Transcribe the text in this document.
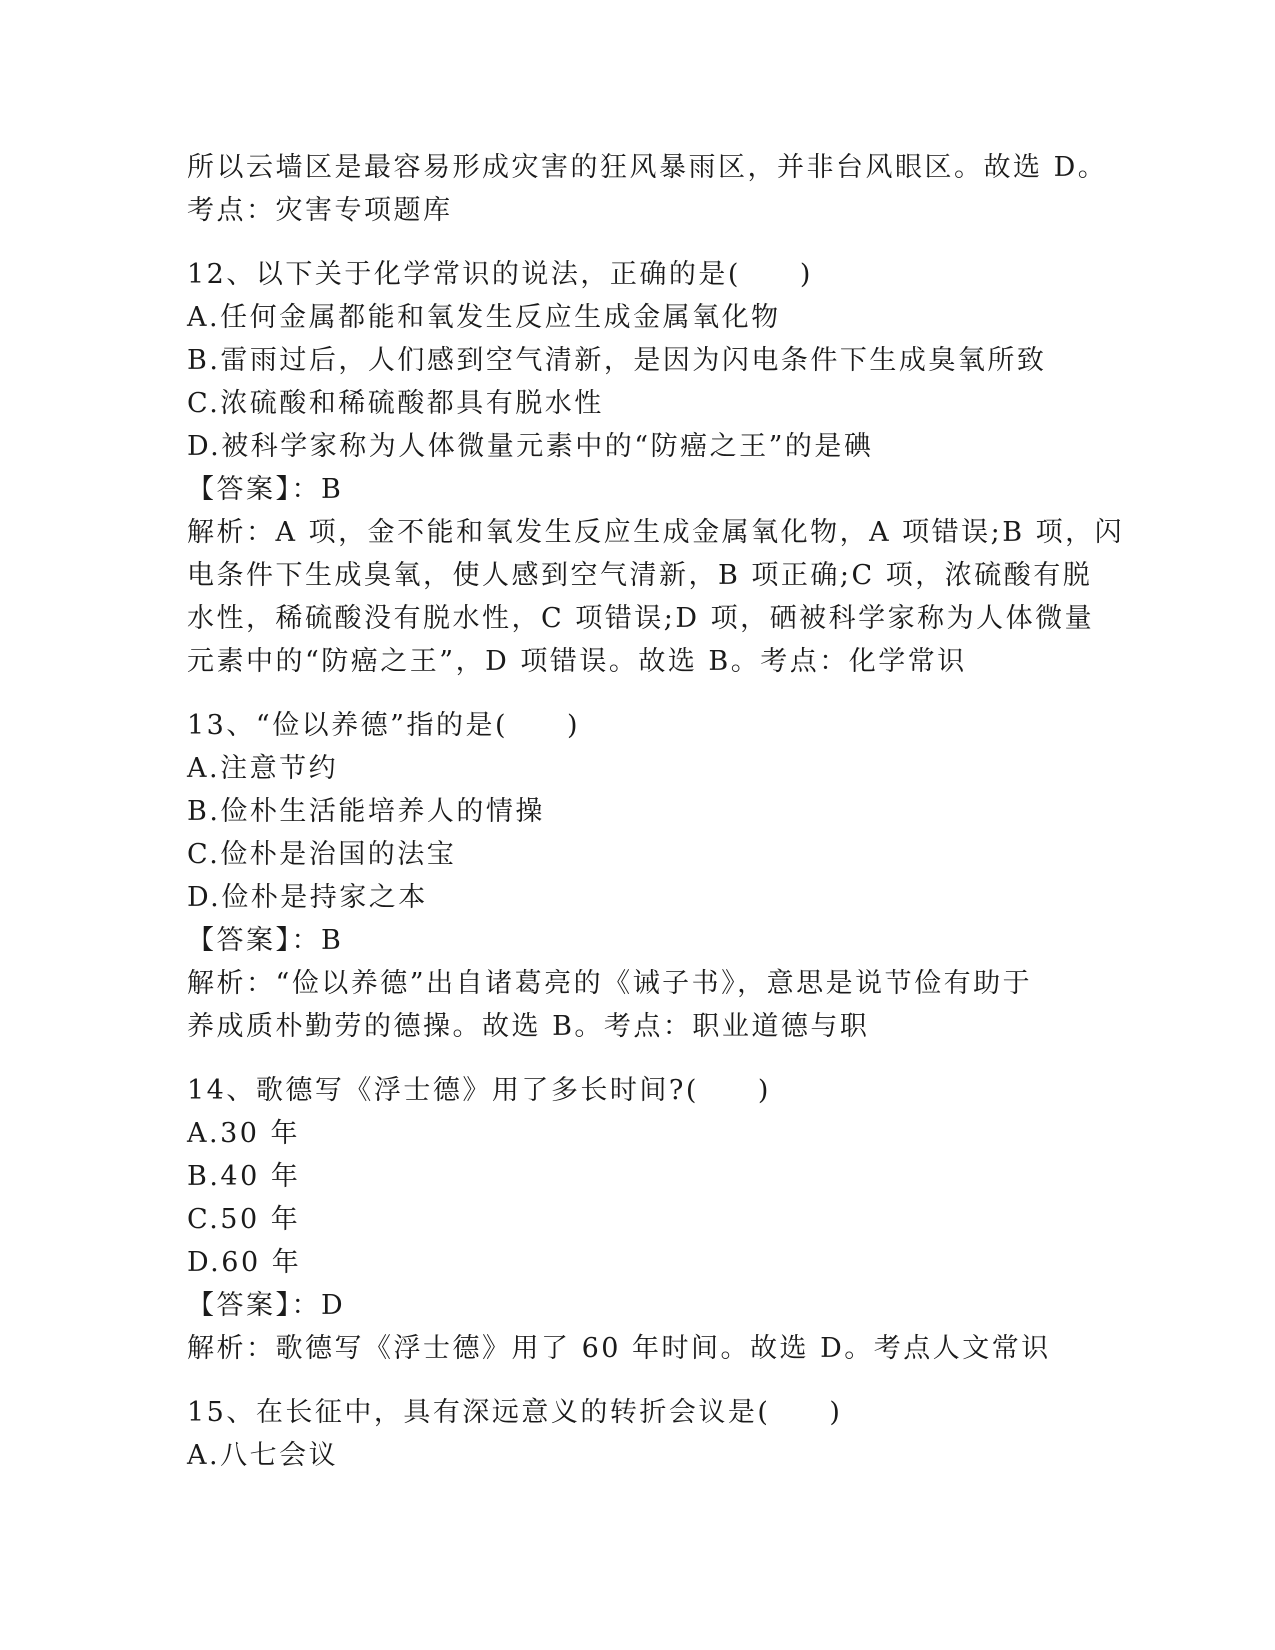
所以云墙区是最容易形成灾害的狂风暴雨区，并非台风眼区。故选 D。
考点：灾害专项题库
12、以下关于化学常识的说法，正确的是(　　)
A.任何金属都能和氧发生反应生成金属氧化物
B.雷雨过后，人们感到空气清新，是因为闪电条件下生成臭氧所致
C.浓硫酸和稀硫酸都具有脱水性
D.被科学家称为人体微量元素中的“防癌之王”的是碘
【答案】：B
解析：A 项，金不能和氧发生反应生成金属氧化物，A 项错误;B 项，闪
电条件下生成臭氧，使人感到空气清新，B 项正确;C 项，浓硫酸有脱
水性，稀硫酸没有脱水性，C 项错误;D 项，硒被科学家称为人体微量
元素中的“防癌之王”，D 项错误。故选 B。考点：化学常识
13、“俭以养德”指的是(　　)
A.注意节约
B.俭朴生活能培养人的情操
C.俭朴是治国的法宝
D.俭朴是持家之本
【答案】：B
解析：“俭以养德”出自诸葛亮的《诫子书》，意思是说节俭有助于
养成质朴勤劳的德操。故选 B。考点：职业道德与职
14、歌德写《浮士德》用了多长时间?(　　)
A.30 年
B.40 年
C.50 年
D.60 年
【答案】：D
解析：歌德写《浮士德》用了 60 年时间。故选 D。考点人文常识
15、在长征中，具有深远意义的转折会议是(　　)
A.八七会议
